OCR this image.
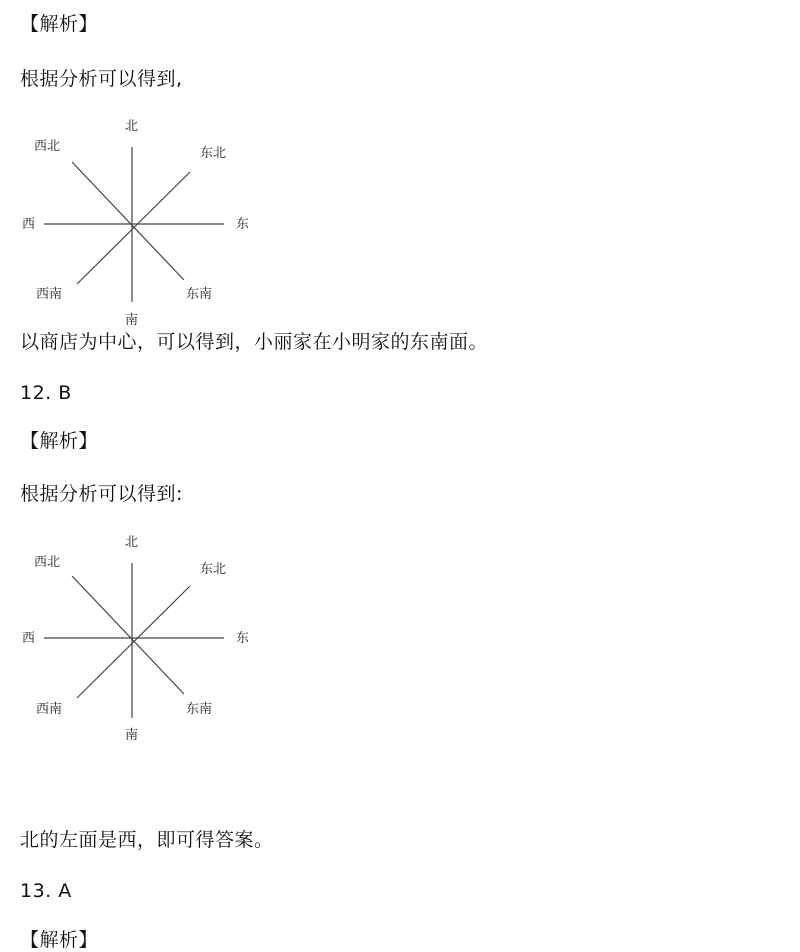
【解析】
根据分析可以得到,
北
西北	东北
西	东
西南	东南
南
以商店为中心，可以得到，小丽家在小明家的东南面。
12. B
【解析】
根据分析可以得到:
北
西北	东北
西	东
西南	东南
南
北的左面是西，即可得答案。
13. A
【解析】
